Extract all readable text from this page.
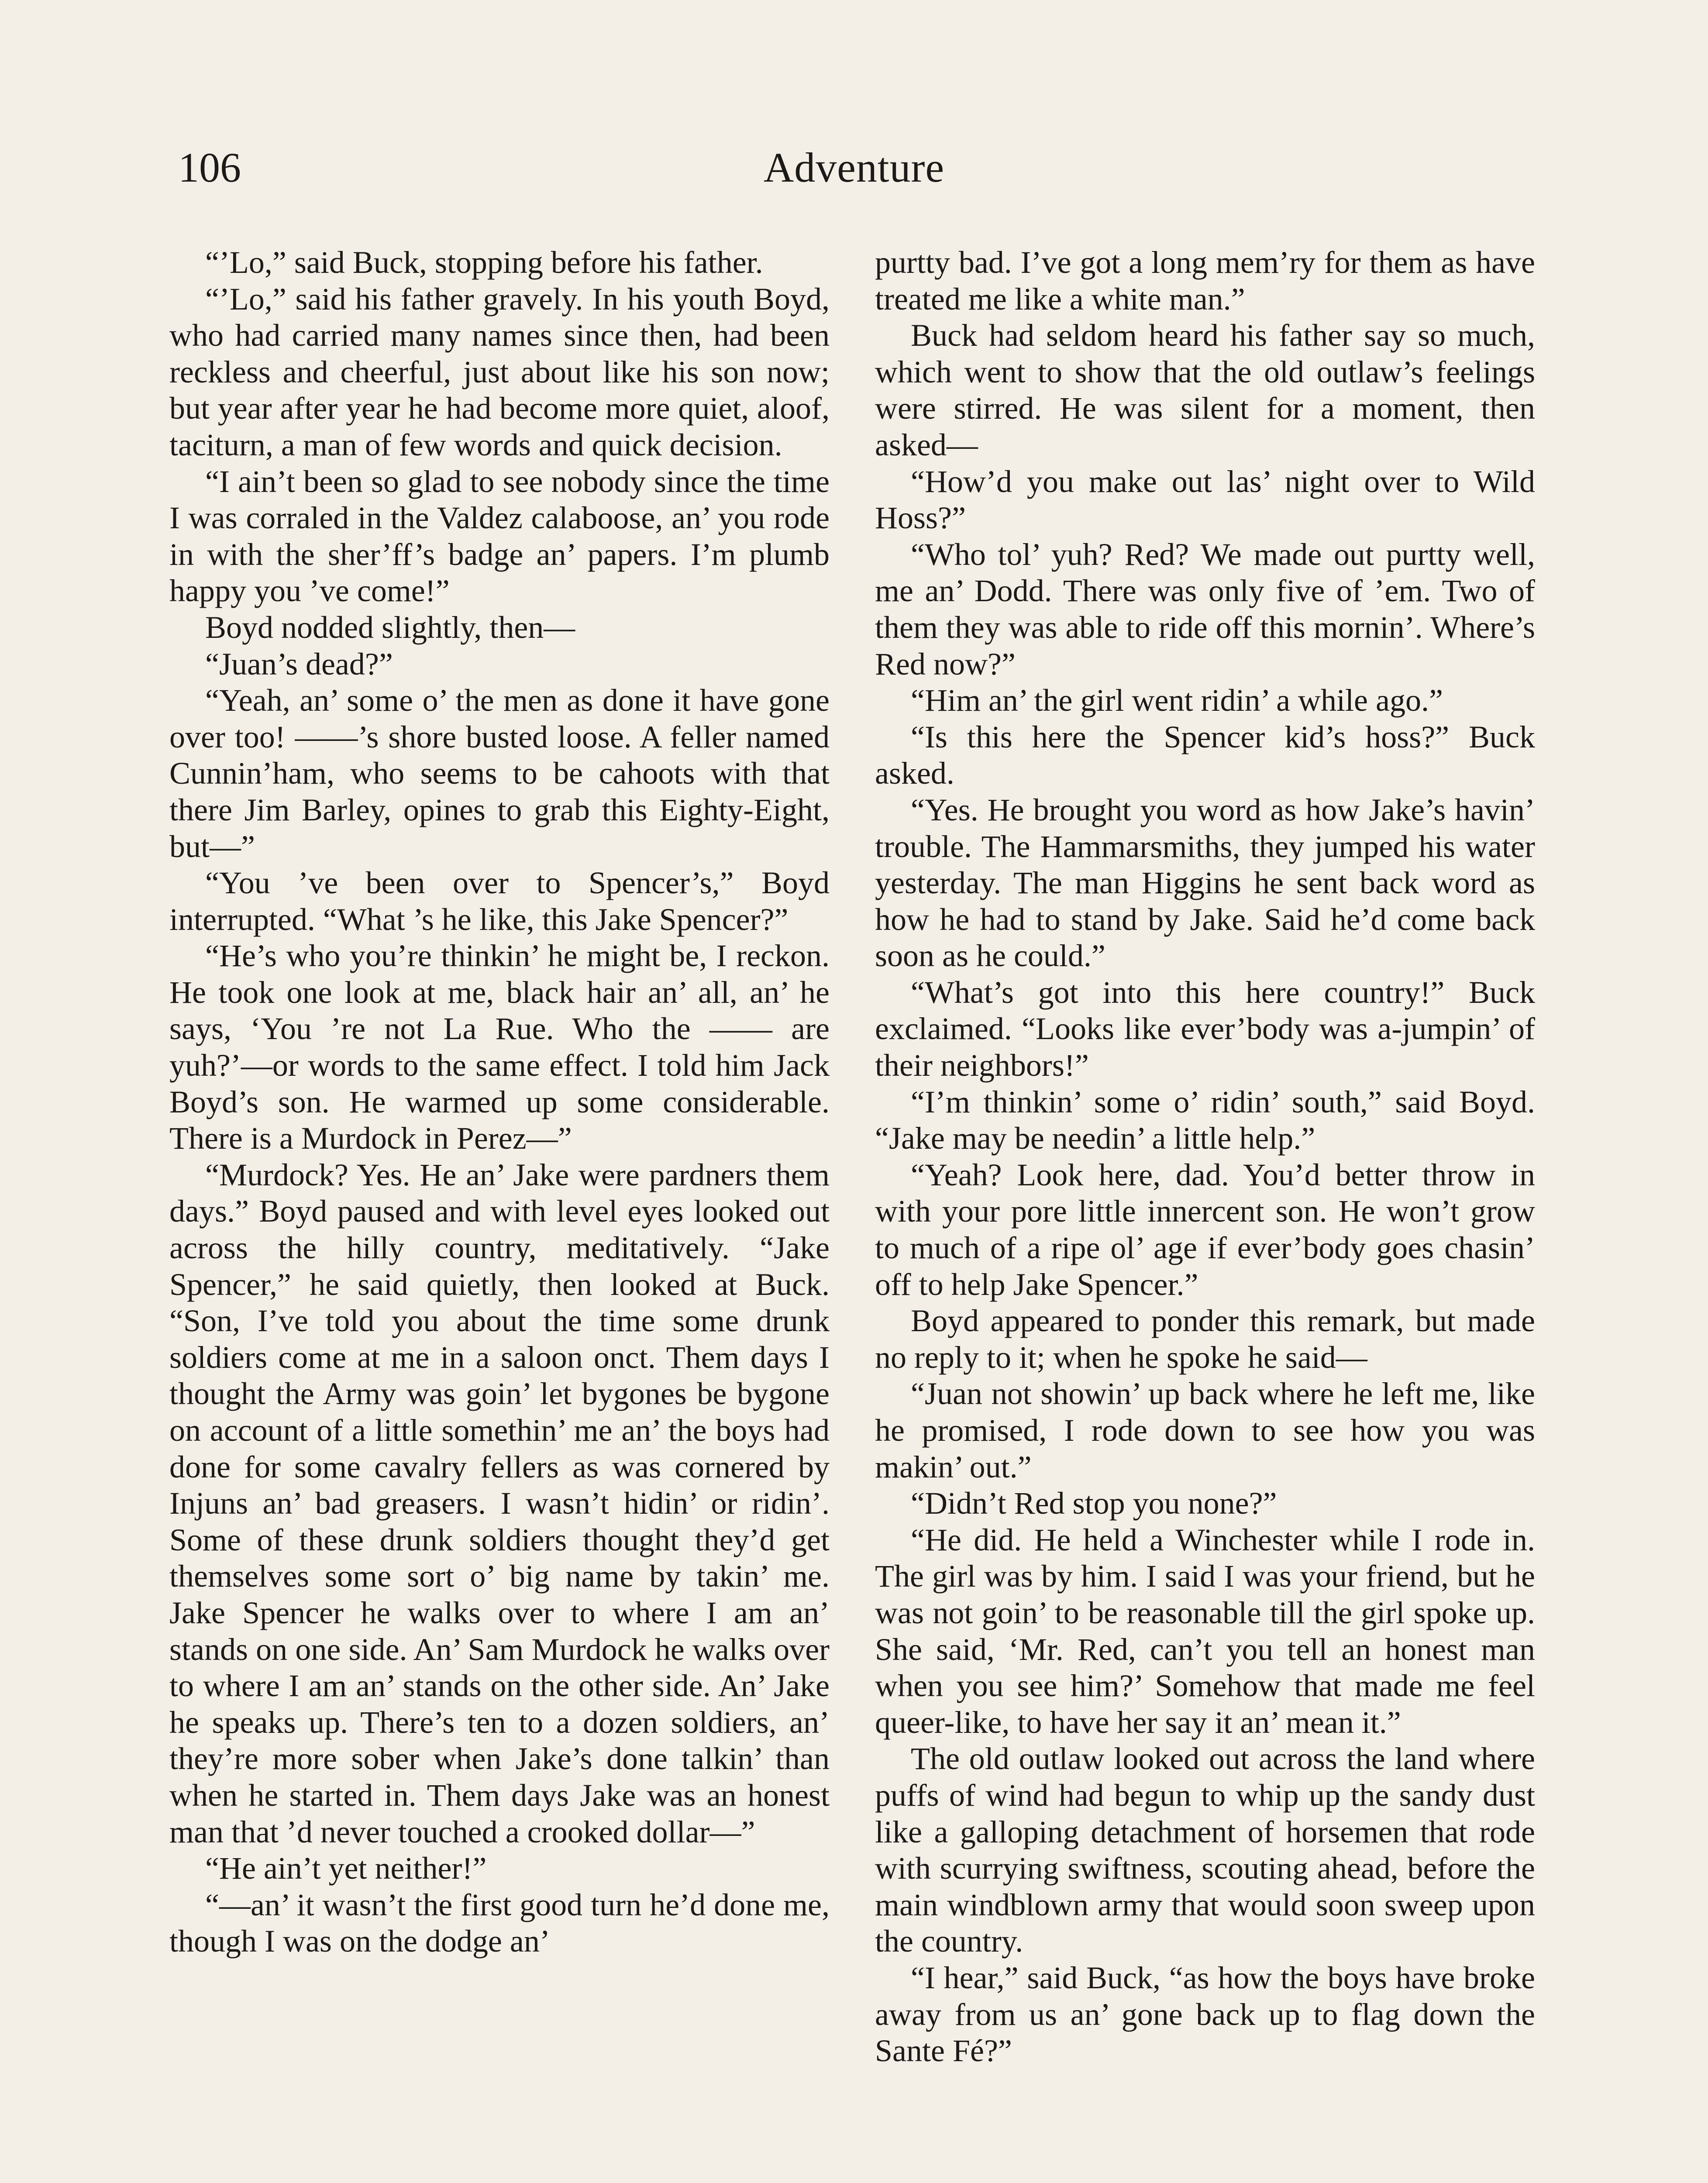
106	Adventure

“’Lo,” said Buck, stopping before his father.

“’Lo,” said his father gravely. In his youth Boyd, who had carried many names since then, had been reckless and cheerful, just about like his son now; but year after year he had become more quiet, aloof, taciturn, a man of few words and quick decision.

“I ain’t been so glad to see nobody since the time I was corraled in the Valdez calaboose, an’ you rode in with the sher’ff’s badge an’ papers. I’m plumb happy you ’ve come!”

Boyd nodded slightly, then—

“Juan’s dead?”

“Yeah, an’ some o’ the men as done it have gone over too! ——’s shore busted loose. A feller named Cunnin’ham, who seems to be cahoots with that there Jim Barley, opines to grab this Eighty-Eight, but—”

“You ’ve been over to Spencer’s,” Boyd interrupted. “What ’s he like, this Jake Spencer?”

“He’s who you’re thinkin’ he might be, I reckon. He took one look at me, black hair an’ all, an’ he says, ‘You ’re not La Rue. Who the —— are yuh?’—or words to the same effect. I told him Jack Boyd’s son. He warmed up some considerable. There is a Murdock in Perez—”

“Murdock? Yes. He an’ Jake were pardners them days.” Boyd paused and with level eyes looked out across the hilly country, meditatively. “Jake Spencer,” he said quietly, then looked at Buck. “Son, I’ve told you about the time some drunk soldiers come at me in a saloon onct. Them days I thought the Army was goin’ let bygones be bygone on account of a little somethin’ me an’ the boys had done for some cavalry fellers as was cornered by Injuns an’ bad greasers. I wasn’t hidin’ or ridin’. Some of these drunk soldiers thought they’d get themselves some sort o’ big name by takin’ me. Jake Spencer he walks over to where I am an’ stands on one side. An’ Sam Murdock he walks over to where I am an’ stands on the other side. An’ Jake he speaks up. There’s ten to a dozen soldiers, an’ they’re more sober when Jake’s done talkin’ than when he started in. Them days Jake was an honest man that ’d never touched a crooked dollar—”

“He ain’t yet neither!”

“—an’ it wasn’t the first good turn he’d done me, though I was on the dodge an’

purtty bad. I’ve got a long mem’ry for them as have treated me like a white man.”

Buck had seldom heard his father say so much, which went to show that the old outlaw’s feelings were stirred. He was silent for a moment, then asked—

“How’d you make out las’ night over to Wild Hoss?”

“Who tol’ yuh? Red? We made out purtty well, me an’ Dodd. There was only five of ’em. Two of them they was able to ride off this mornin’. Where’s Red now?”

“Him an’ the girl went ridin’ a while ago.”

“Is this here the Spencer kid’s hoss?” Buck asked.

“Yes. He brought you word as how Jake’s havin’ trouble. The Hammarsmiths, they jumped his water yesterday. The man Higgins he sent back word as how he had to stand by Jake. Said he’d come back soon as he could.”

“What’s got into this here country!” Buck exclaimed. “Looks like ever’body was a-jumpin’ of their neighbors!”

“I’m thinkin’ some o’ ridin’ south,” said Boyd. “Jake may be needin’ a little help.”

“Yeah? Look here, dad. You’d better throw in with your pore little innercent son. He won’t grow to much of a ripe ol’ age if ever’body goes chasin’ off to help Jake Spencer.”

Boyd appeared to ponder this remark, but made no reply to it; when he spoke he said—

“Juan not showin’ up back where he left me, like he promised, I rode down to see how you was makin’ out.”

“Didn’t Red stop you none?”

“He did. He held a Winchester while I rode in. The girl was by him. I said I was your friend, but he was not goin’ to be reasonable till the girl spoke up. She said, ‘Mr. Red, can’t you tell an honest man when you see him?’ Somehow that made me feel queer-like, to have her say it an’ mean it.”

The old outlaw looked out across the land where puffs of wind had begun to whip up the sandy dust like a galloping detachment of horsemen that rode with scurrying swiftness, scouting ahead, before the main windblown army that would soon sweep upon the country.

“I hear,” said Buck, “as how the boys have broke away from us an’ gone back up to flag down the Sante Fé?”
